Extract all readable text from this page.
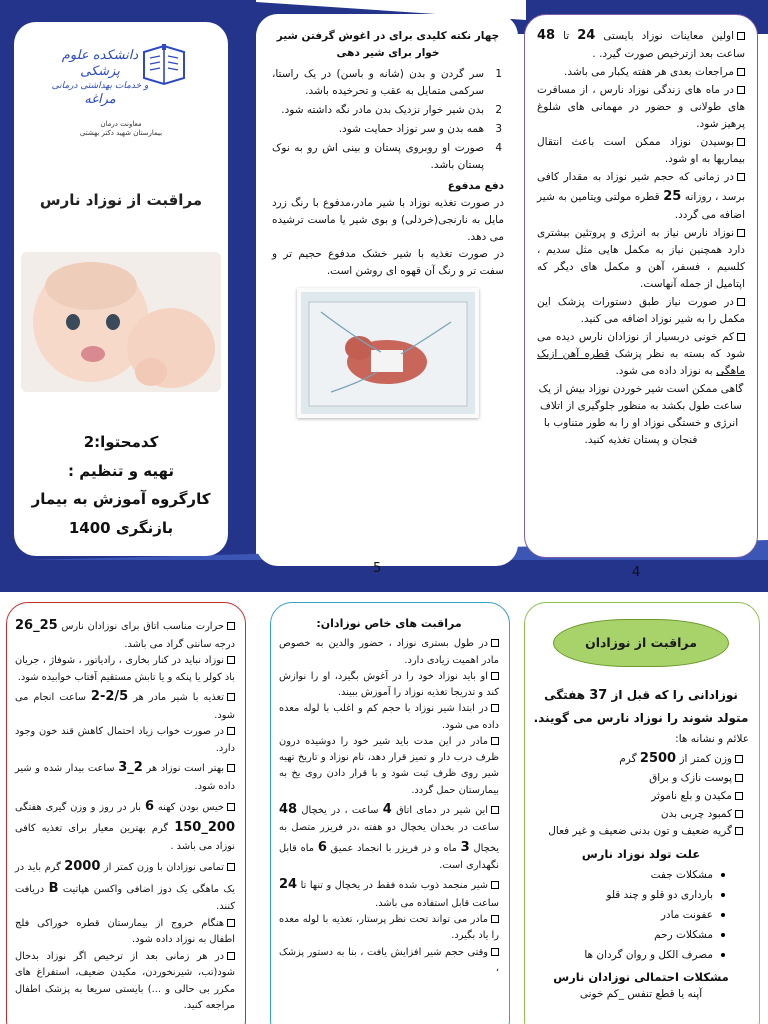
دانشکده علوم پزشکی
و خدمات بهداشتی درمانی
مراغه
معاونت درمان
بیمارستان شهید دکتر بهشتی
مراقبت از نوزاد نارس
کدمحتوا:2
تهیه و تنظیم :
کارگروه آموزش به بیمار
بازنگری 1400
چهار نکته کلیدی برای در اغوش گرفتن شیر خوار برای شیر دهی
1
سر گردن و بدن (شانه و باسن) در یک راستا، سرکمی متمایل به عقب و تحرخیده باشد.
2
بدن شیر خوار نزدیک بدن مادر نگه داشته شود.
3
همه بدن و سر نوزاد حمایت شود.
4
صورت او روبروی پستان و بینی اش رو به نوک پستان باشد.
دفع مدفوع
در صورت تغذیه نوزاد با شیر مادر،مدفوع با رنگ زرد مایل به نارنجی(خردلی) و بوی شیر یا ماست ترشیده می دهد.
در صورت تغذیه با شیر خشک مدفوع حجیم تر و سفت تر و رنگ آن قهوه ای روشن است.
5
اولین معاینات نوزاد بایستی 24 تا 48 ساعت بعد ازترخیص صورت گیرد. .
مراجعات بعدی هر هفته یکبار می باشد.
در ماه های زندگی نوزاد نارس ، از مسافرت های طولانی و حضور در مهمانی های شلوغ پرهیز شود.
بوسیدن نوزاد ممکن است باعث انتقال بیماریها به او شود.
در زمانی که حجم شیر نوزاد به مقدار کافی برسد ، روزانه 25 قطره مولتی ویتامین به شیر اضافه می گردد.
نوزاد نارس نیاز به انرژی و پروتئین بیشتری دارد همچنین نیاز به مکمل هایی مثل سدیم ، کلسیم ، فسفر، آهن و مکمل های دیگر که اپتامیل از جمله آنهاست.
در صورت نیاز طبق دستورات پزشک این مکمل را به شیر نوزاد اضافه می کنید.
کم خونی دربسیار از نوزادان نارس دیده می شود که بسته به نظر پزشک قطره آهن ازیک ماهگی به نوزاد داده می شود.
گاهی ممکن است شیر خوردن نوزاد بیش از یک ساعت طول بکشد به منظور جلوگیری از اتلاف انرژی و خستگی نوزاد او را به طور متناوب با فنجان و پستان تغذیه کنید.
4
حرارت مناسب اتاق برای نوزادان نارس 25_26 درجه سانتی گراد می باشد.
نوزاد نباید در کنار بخاری ، رادیاتور ، شوفاژ ، جریان باد کولر یا پنکه و یا تابش مستقیم آفتاب خوابیده شود.
تغذیه با شیر مادر هر 2/5-2 ساعت انجام می شود.
در صورت خواب زیاد احتمال کاهش قند خون وجود دارد.
بهتر است نوزاد هر 2_3 ساعت بیدار شده و شیر داده شود.
خیس بودن کهنه 6 بار در روز و وزن گیری هفتگی 200_150 گرم بهترین معیار برای تغذیه کافی نوزاد می باشد .
تمامی نوزادان با وزن کمتر از 2000 گرم باید در یک ماهگی یک دوز اضافی واکسن هپاتیت B دریافت کنند.
هنگام خروج از بیمارستان قطره خوراکی فلج اطفال به نوزاد داده شود.
در هر زمانی بعد از ترخیص اگر نوزاد بدحال شود(تب، شیرنخوردن، مکیدن ضعیف، استفراغ های مکرر بی حالی و ...) بایستی سریعا به پزشک اطفال مراجعه کنید.
مراقبت های خاص نوزادان:
در طول بستری نوزاد ، حضور والدین به خصوص مادر اهمیت زیادی دارد.
او باید نوزاد خود را در آغوش بگیرد، او را نوازش کند و تدریجا تغذیه نوزاد را آموزش ببیند.
در ابتدا شیر نوزاد با حجم کم و اغلب با لوله معده داده می شود.
مادر در این مدت باید شیر خود را دوشیده درون ظرف درب دار و تمیز قرار دهد، نام نوزاد و تاریخ تهیه شیر روی ظرف ثبت شود و با قرار دادن روی یخ به بیمارستان حمل گردد.
این شیر در دمای اتاق 4 ساعت ، در یخچال 48 ساعت در بخدان یخچال دو هفته ،در فریزر متصل به یخچال 3 ماه و در فریزر با انجماد عمیق 6 ماه قابل نگهداری است.
شیر منجمد ذوب شده فقط در یخچال و تنها تا 24 ساعت قابل استفاده می باشد.
مادر می تواند تحت نظر پرستار، تغذیه با لوله معده را یاد بگیرد.
وقتی حجم شیر افزایش یافت ، بنا به دستور پزشک ،
مراقبت از نوزادان
نوزادانی را که قبل از 37 هفتگی متولد شوند را نوزاد نارس می گویند.
علائم و نشانه ها:
وزن کمتر از 2500 گرم
پوست نازک و براق
مکیدن و بلع ناموثر
کمبود چربی بدن
گریه ضعیف و تون بدنی ضعیف و غیر فعال
علت تولد نوزاد نارس
مشکلات جفت
بارداری دو قلو و چند قلو
عفونت مادر
مشکلات رحم
مصرف الکل و روان گردان ها
مشکلات احتمالی نوزادان نارس
آپنه یا قطع تنفس _کم خونی
